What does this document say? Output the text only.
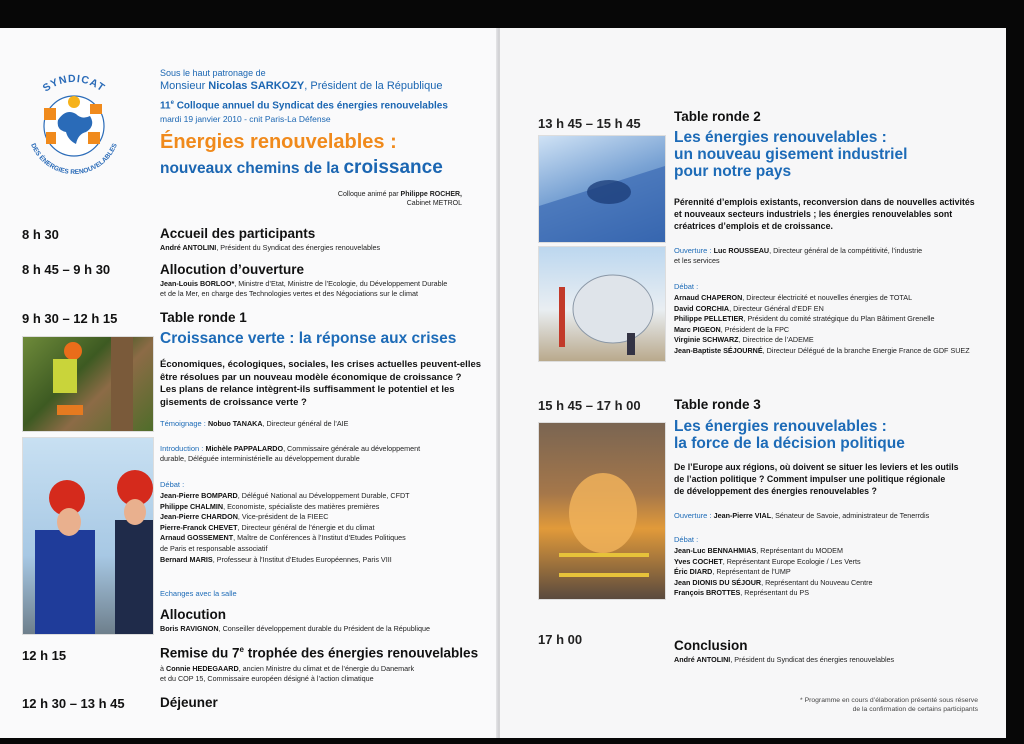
SYNDICAT
DES ÉNERGIES RENOUVELABLES
Sous le haut patronage de
Monsieur Nicolas SARKOZY, Président de la République
11e Colloque annuel du Syndicat des énergies renouvelables
mardi 19 janvier 2010 - cnit Paris-La Défense
Énergies renouvelables :
nouveaux chemins de la croissance
Colloque animé par Philippe ROCHER,
Cabinet METROL
8 h 30	Accueil des participants
André ANTOLINI, Président du Syndicat des énergies renouvelables
8 h 45 – 9 h 30	Allocution d’ouverture
Jean-Louis BORLOO*, Ministre d’Etat, Ministre de l’Ecologie, du Développement Durable
et de la Mer, en charge des Technologies vertes et des Négociations sur le climat
9 h 30 – 12 h 15	Table ronde 1
Croissance verte : la réponse aux crises
Économiques, écologiques, sociales, les crises actuelles peuvent-elles
être résolues par un nouveau modèle économique de croissance ?
Les plans de relance intègrent-ils suffisamment le potentiel et les
gisements de croissance verte ?
Témoignage : Nobuo TANAKA, Directeur général de l’AIE
Introduction : Michèle PAPPALARDO, Commissaire générale au développement
durable, Déléguée interministérielle au développement durable
Débat :
Jean-Pierre BOMPARD, Délégué National au Développement Durable, CFDT
Philippe CHALMIN, Economiste, spécialiste des matières premières
Jean-Pierre CHARDON, Vice-président de la FIEEC
Pierre-Franck CHEVET, Directeur général de l’énergie et du climat
Arnaud GOSSEMENT, Maître de Conférences à l’Institut d’Etudes Politiques
de Paris et responsable associatif
Bernard MARIS, Professeur à l’Institut d’Etudes Européennes, Paris VIII
Echanges avec la salle
Allocution
Boris RAVIGNON, Conseiller développement durable du Président de la République
12 h 15	Remise du 7e trophée des énergies renouvelables
à Connie HEDEGAARD, ancien Ministre du climat et de l’énergie du Danemark
et du COP 15, Commissaire européen désigné à l’action climatique
12 h 30 – 13 h 45	Déjeuner
13 h 45 – 15 h 45 Table ronde 2
Les énergies renouvelables :
un nouveau gisement industriel
pour notre pays
Pérennité d’emplois existants, reconversion dans de nouvelles activités
et nouveaux secteurs industriels ; les énergies renouvelables sont
créatrices d’emplois et de croissance.
Ouverture : Luc ROUSSEAU, Directeur général de la compétitivité, l’industrie
et les services
Débat :
Arnaud CHAPERON, Directeur électricité et nouvelles énergies de TOTAL
David CORCHIA, Directeur Général d’EDF EN
Philippe PELLETIER, Président du comité stratégique du Plan Bâtiment Grenelle
Marc PIGEON, Président de la FPC
Virginie SCHWARZ, Directrice de l’ADEME
Jean-Baptiste SÉJOURNÉ, Directeur Délégué de la branche Energie France de GDF SUEZ
15 h 45 – 17 h 00 Table ronde 3
Les énergies renouvelables :
la force de la décision politique
De l’Europe aux régions, où doivent se situer les leviers et les outils
de l’action politique ? Comment impulser une politique régionale
de développement des énergies renouvelables ?
Ouverture : Jean-Pierre VIAL, Sénateur de Savoie, administrateur de Tenerrdis
Débat :
Jean-Luc BENNAHMIAS, Représentant du MODEM
Yves COCHET, Représentant Europe Ecologie / Les Verts
Éric DIARD, Représentant de l’UMP
Jean DIONIS DU SÉJOUR, Représentant du Nouveau Centre
François BROTTES, Représentant du PS
17 h 00	Conclusion
André ANTOLINI, Président du Syndicat des énergies renouvelables
* Programme en cours d’élaboration présenté sous réserve
de la confirmation de certains participants
